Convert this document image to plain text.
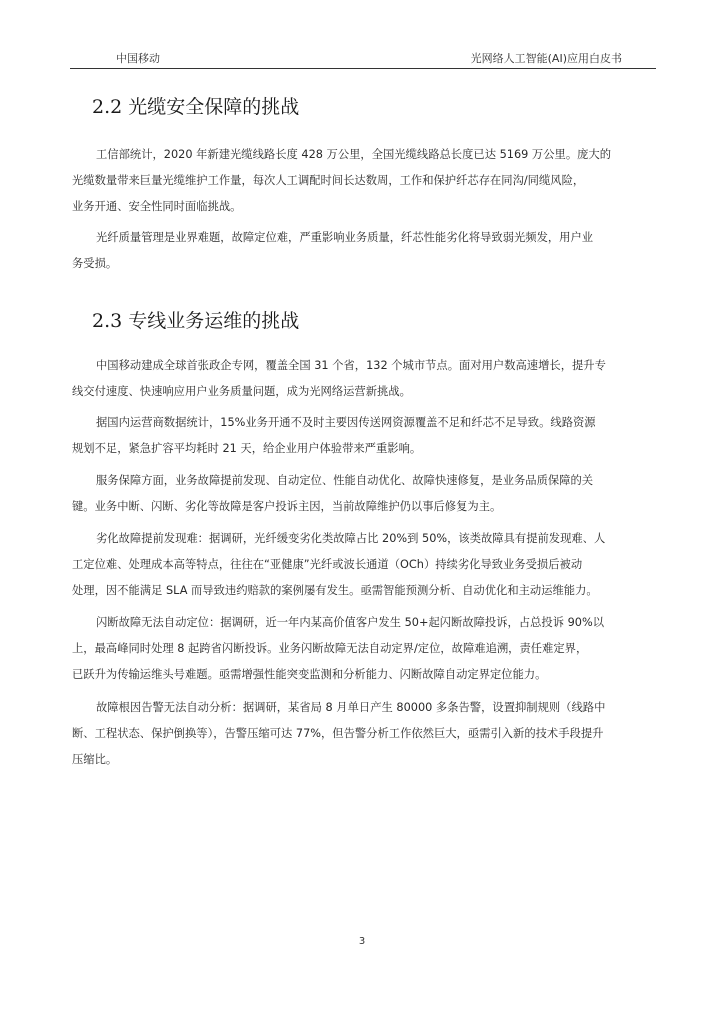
中国移动	光网络人工智能(AI)应用白皮书
2.2 光缆安全保障的挑战
工信部统计，2020 年新建光缆线路长度 428 万公里，全国光缆线路总长度已达 5169 万公里。庞大的
光缆数量带来巨量光缆维护工作量，每次人工调配时间长达数周，工作和保护纤芯存在同沟/同缆风险，
业务开通、安全性同时面临挑战。
光纤质量管理是业界难题，故障定位难，严重影响业务质量，纤芯性能劣化将导致弱光频发，用户业
务受损。
2.3 专线业务运维的挑战
中国移动建成全球首张政企专网，覆盖全国 31 个省，132 个城市节点。面对用户数高速增长，提升专
线交付速度、快速响应用户业务质量问题，成为光网络运营新挑战。
据国内运营商数据统计，15%业务开通不及时主要因传送网资源覆盖不足和纤芯不足导致。线路资源
规划不足，紧急扩容平均耗时 21 天，给企业用户体验带来严重影响。
服务保障方面，业务故障提前发现、自动定位、性能自动优化、故障快速修复，是业务品质保障的关
键。业务中断、闪断、劣化等故障是客户投诉主因，当前故障维护仍以事后修复为主。
劣化故障提前发现难：据调研，光纤缓变劣化类故障占比 20%到 50%，该类故障具有提前发现难、人
工定位难、处理成本高等特点，往往在“亚健康”光纤或波长通道（OCh）持续劣化导致业务受损后被动
处理，因不能满足 SLA 而导致违约赔款的案例屡有发生。亟需智能预测分析、自动优化和主动运维能力。
闪断故障无法自动定位：据调研，近一年内某高价值客户发生 50+起闪断故障投诉，占总投诉 90%以
上，最高峰同时处理 8 起跨省闪断投诉。业务闪断故障无法自动定界/定位，故障难追溯，责任难定界，
已跃升为传输运维头号难题。亟需增强性能突变监测和分析能力、闪断故障自动定界定位能力。
故障根因告警无法自动分析：据调研，某省局 8 月单日产生 80000 多条告警，设置抑制规则（线路中
断、工程状态、保护倒换等），告警压缩可达 77%，但告警分析工作依然巨大，亟需引入新的技术手段提升
压缩比。
3
